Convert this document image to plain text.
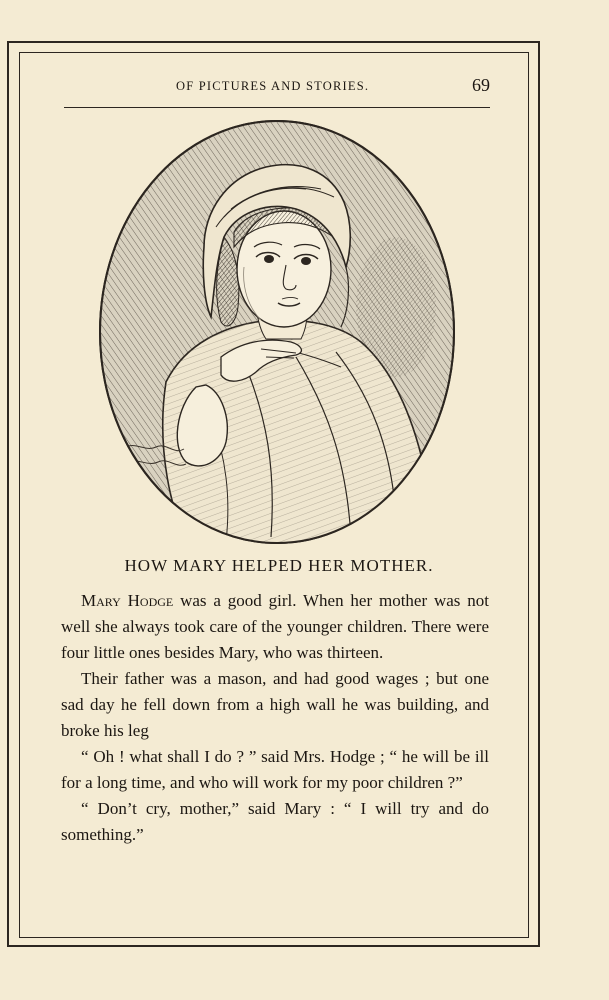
OF PICTURES AND STORIES.	69
HOW MARY HELPED HER MOTHER.

Mary Hodge was a good girl. When her mother was not well she always took care of the younger children. There were four little ones besides Mary, who was thirteen.

Their father was a mason, and had good wages ; but one sad day he fell down from a high wall he was building, and broke his leg

“ Oh ! what shall I do ? ” said Mrs. Hodge ; “ he will be ill for a long time, and who will work for my poor children ?”

“ Don’t cry, mother,” said Mary : “ I will try and do something.”
